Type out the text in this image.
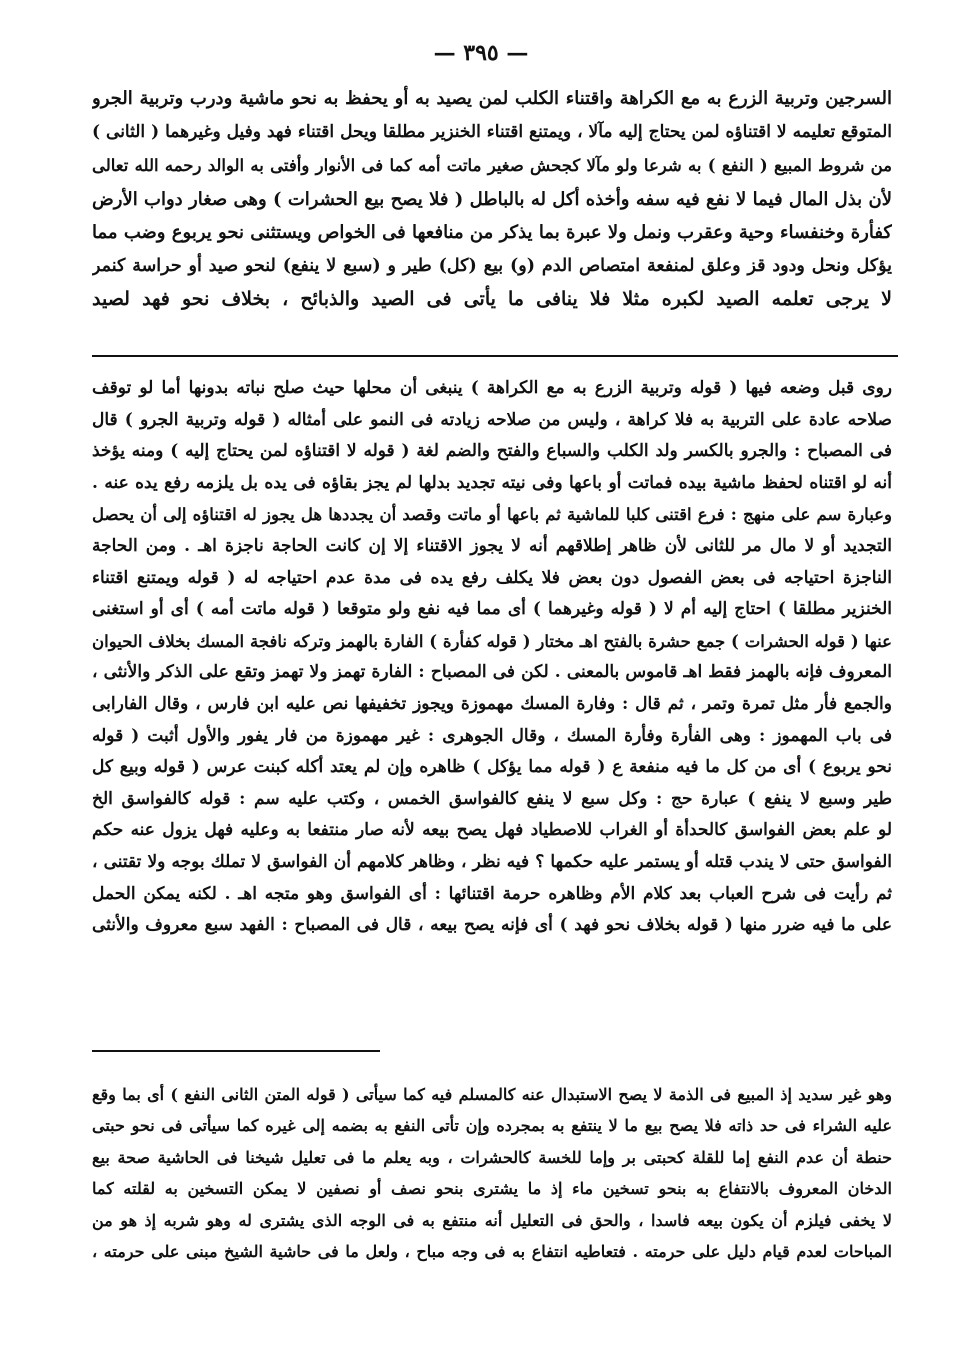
— ٣٩٥ —
السرجين وتربية الزرع به مع الكراهة واقتناء الكلب لمن يصيد به أو يحفظ به نحو ماشية ودرب وتربية الجرو
المتوقع تعليمه لا اقتناؤه لمن يحتاج إليه مآلا ، ويمتنع اقتناء الخنزير مطلقا ويحل اقتناء فهد وفيل وغيرهما ( الثانى )
من شروط المبيع ( النفع ) به شرعا ولو مآلا كجحش صغير ماتت أمه كما فى الأنوار وأفتى به الوالد رحمه الله تعالى
لأن بذل المال فيما لا نفع فيه سفه وأخذه أكل له بالباطل ( فلا يصح بيع الحشرات ) وهى صغار دواب الأرض
كفأرة وخنفساء وحية وعقرب ونمل ولا عبرة بما يذكر من منافعها فى الخواص ويستثنى نحو يربوع وضب مما
يؤكل ونحل ودود قز وعلق لمنفعة امتصاص الدم (و) بيع (كل) طير و (سبع لا ينفع) لنحو صيد أو حراسة كنمر
لا يرجى تعلمه الصيد لكبره مثلا فلا ينافى ما يأتى فى الصيد والذبائح ، بخلاف نحو فهد لصيد
روى قبل وضعه فيها ( قوله وتربية الزرع به مع الكراهة ) ينبغى أن محلها حيث صلح نباته بدونها أما لو توقف
صلاحه عادة على التربية به فلا كراهة ، وليس من صلاحه زيادته فى النمو على أمثاله ( قوله وتربية الجرو ) قال
فى المصباح : والجرو بالكسر ولد الكلب والسباع والفتح والضم لغة ( قوله لا اقتناؤه لمن يحتاج إليه ) ومنه يؤخذ
أنه لو اقتناه لحفظ ماشية بيده فماتت أو باعها وفى نيته تجديد بدلها لم يجز بقاؤه فى يده بل يلزمه رفع يده عنه .
وعبارة سم على منهج : فرع اقتنى كلبا للماشية ثم باعها أو ماتت وقصد أن يجددها هل يجوز له اقتناؤه إلى أن يحصل
التجديد أو لا مال مر للثانى لأن ظاهر إطلاقهم أنه لا يجوز الاقتناء إلا إن كانت الحاجة ناجزة اهـ . ومن الحاجة
الناجزة احتياجه فى بعض الفصول دون بعض فلا يكلف رفع يده فى مدة عدم احتياجه له ( قوله ويمتنع اقتناء
الخنزير مطلقا ) احتاج إليه أم لا ( قوله وغيرهما ) أى مما فيه نفع ولو متوقعا ( قوله ماتت أمه ) أى أو استغنى
عنها ( قوله الحشرات ) جمع حشرة بالفتح اهـ مختار ( قوله كفأرة ) الفارة بالهمز وتركه نافجة المسك بخلاف الحيوان
المعروف فإنه بالهمز فقط اهـ قاموس بالمعنى . لكن فى المصباح : الفارة تهمز ولا تهمز وتقع على الذكر والأنثى ،
والجمع فأر مثل تمرة وتمر ، ثم قال : وفارة المسك مهموزة ويجوز تخفيفها نص عليه ابن فارس ، وقال الفارابى
فى باب المهموز : وهى الفأرة وفأرة المسك ، وقال الجوهرى : غير مهموزة من فار يفور والأول أثبت ( قوله
نحو يربوع ) أى من كل ما فيه منفعة ع ( قوله مما يؤكل ) ظاهره وإن لم يعتد أكله كبنت عرس ( قوله وبيع كل
طير وسبع لا ينفع ) عبارة حج : وكل سبع لا ينفع كالفواسق الخمس ، وكتب عليه سم : قوله كالفواسق الخ
لو علم بعض الفواسق كالحدأة أو الغراب للاصطياد فهل يصح بيعه لأنه صار منتفعا به وعليه فهل يزول عنه حكم
الفواسق حتى لا يندب قتله أو يستمر عليه حكمها ؟ فيه نظر ، وظاهر كلامهم أن الفواسق لا تملك بوجه ولا تقتنى ،
ثم رأيت فى شرح العباب بعد كلام الأم وظاهره حرمة اقتنائها : أى الفواسق وهو متجه اهـ . لكنه يمكن الحمل
على ما فيه ضرر منها ( قوله بخلاف نحو فهد ) أى فإنه يصح بيعه ، قال فى المصباح : الفهد سبع معروف والأنثى
وهو غير سديد إذ المبيع فى الذمة لا يصح الاستبدال عنه كالمسلم فيه كما سيأتى ( قوله المتن الثانى النفع ) أى بما وقع
عليه الشراء فى حد ذاته فلا يصح بيع ما لا ينتفع به بمجرده وإن تأتى النفع به بضمه إلى غيره كما سيأتى فى نحو حبتى
حنطة أن عدم النفع إما للقلة كحبتى بر وإما للخسة كالحشرات ، وبه يعلم ما فى تعليل شيخنا فى الحاشية صحة بيع
الدخان المعروف بالانتفاع به بنحو تسخين ماء إذ ما يشترى بنحو نصف أو نصفين لا يمكن التسخين به لقلته كما
لا يخفى فيلزم أن يكون بيعه فاسدا ، والحق فى التعليل أنه منتفع به فى الوجه الذى يشترى له وهو شربه إذ هو من
المباحات لعدم قيام دليل على حرمته . فتعاطيه انتفاع به فى وجه مباح ، ولعل ما فى حاشية الشيخ مبنى على حرمته ،
